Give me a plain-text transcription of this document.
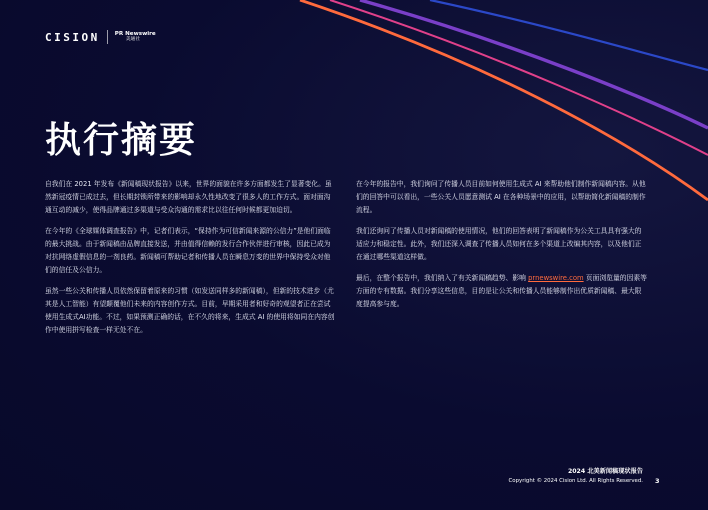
CISION	PR Newswire
美通社
执行摘要

自我们在 2021 年发布《新闻稿现状报告》以来，世界的面貌在许多方面都发生了显著变化。虽然新冠疫情已成过去，但长期封锁所带来的影响却永久性地改变了很多人的工作方式。面对面沟通互动的减少，使得品牌通过多渠道与受众沟通的需求比以往任何时候都更加迫切。

在今年的《全球媒体调查报告》中，记者们表示，“保持作为可信新闻来源的公信力”是他们面临的最大挑战。由于新闻稿由品牌直接发送，并由值得信赖的发行合作伙伴进行审核，因此已成为对抗网络虚假信息的一剂良药。新闻稿可帮助记者和传播人员在瞬息万变的世界中保持受众对他们的信任及公信力。

虽然一些公关和传播人员依然保留着原来的习惯（如发送同样多的新闻稿），但新的技术进步（尤其是人工智能）有望颠覆他们未来的内容创作方式。目前，早期采用者和好奇的观望者正在尝试使用生成式AI功能。不过，如果预测正确的话，在不久的将来，生成式 AI 的使用将如同在内容创作中使用拼写检查一样无处不在。

在今年的报告中，我们询问了传播人员目前如何使用生成式 AI 来帮助他们制作新闻稿内容。从他们的回答中可以看出，一些公关人员愿意测试 AI 在各种场景中的应用，以帮助简化新闻稿的制作流程。

我们还询问了传播人员对新闻稿的使用情况，他们的回答表明了新闻稿作为公关工具具有强大的适应力和稳定性。此外，我们还深入调查了传播人员如何在多个渠道上改编其内容，以及他们正在通过哪些渠道这样做。

最后，在整个报告中，我们纳入了有关新闻稿趋势、影响 prnewswire.com 页面浏览量的因素等方面的专有数据。我们分享这些信息，目的是让公关和传播人员能够制作出优质新闻稿、最大限度提高参与度。

2024 北美新闻稿现状报告
Copyright © 2024 Cision Ltd. All Rights Reserved. 3
